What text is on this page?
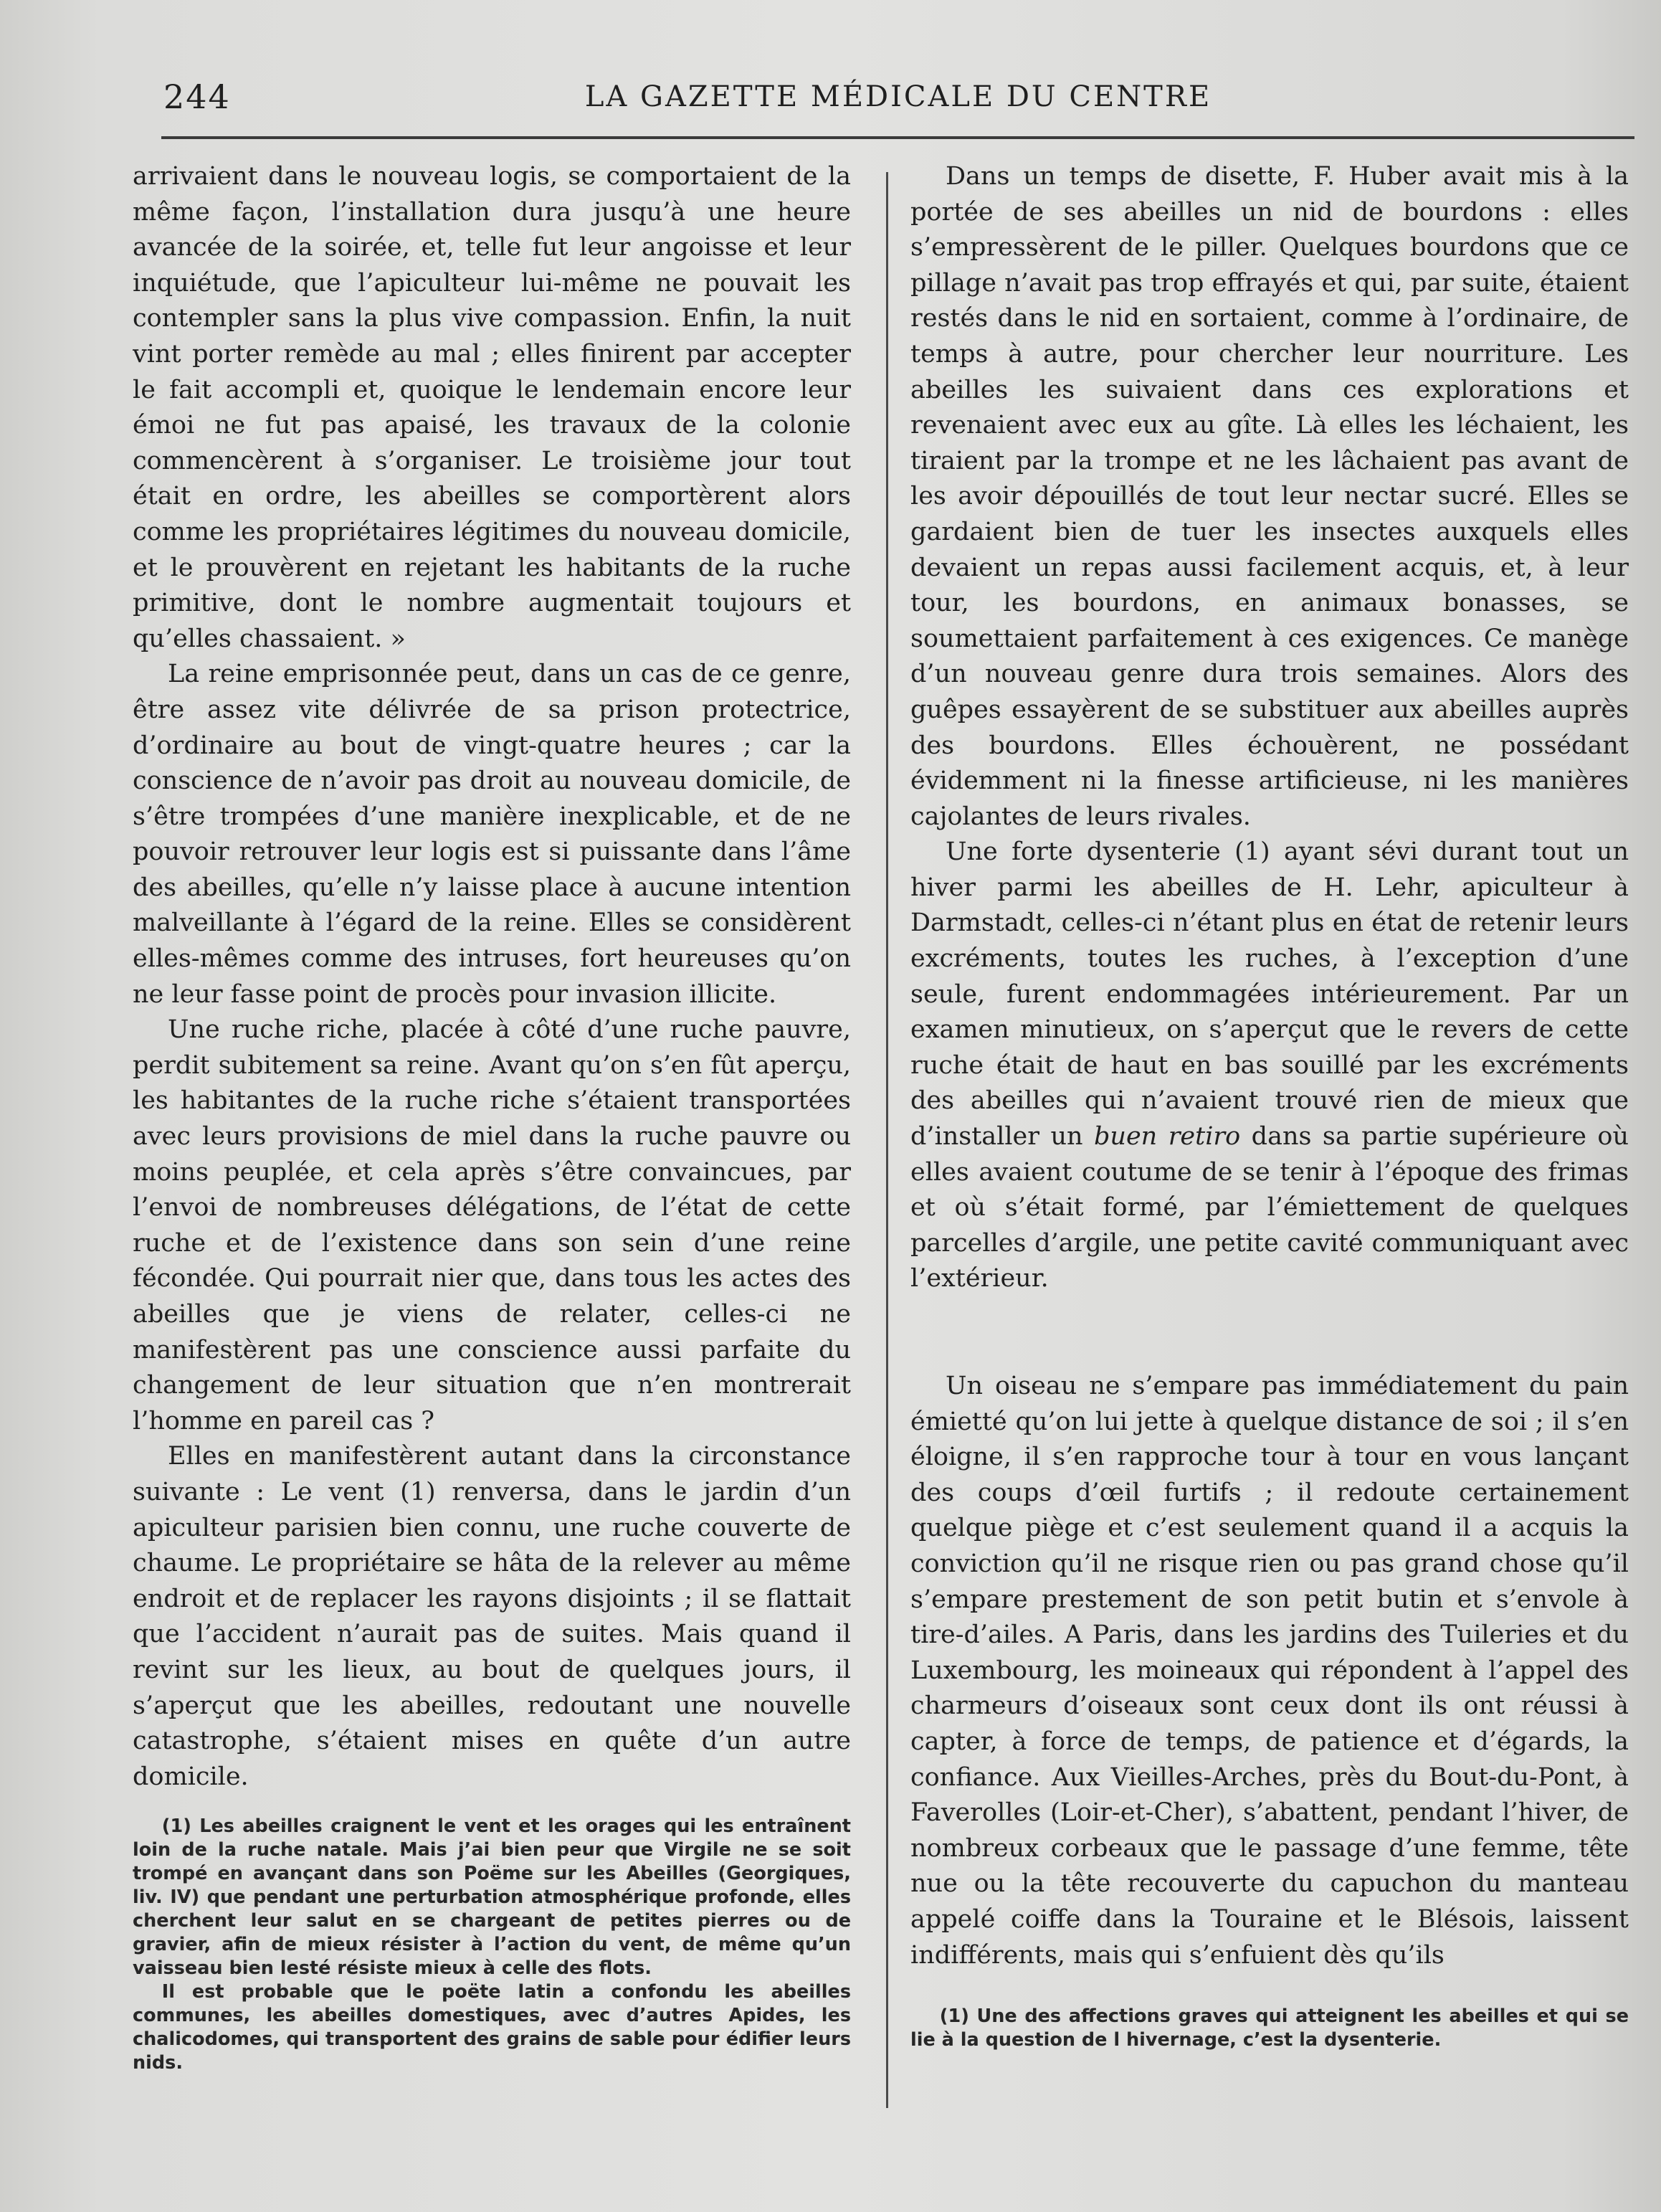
244	LA GAZETTE MÉDICALE DU CENTRE

arrivaient dans le nouveau logis, se comportaient de la même façon, l’installation dura jusqu’à une heure avancée de la soirée, et, telle fut leur angoisse et leur inquiétude, que l’apiculteur lui-même ne pouvait les contempler sans la plus vive compassion. Enfin, la nuit vint porter remède au mal ; elles finirent par accepter le fait accompli et, quoique le lendemain encore leur émoi ne fut pas apaisé, les travaux de la colonie commencèrent à s’organiser. Le troisième jour tout était en ordre, les abeilles se comportèrent alors comme les propriétaires légitimes du nouveau domicile, et le prouvèrent en rejetant les habitants de la ruche primitive, dont le nombre augmentait toujours et qu’elles chassaient. »

La reine emprisonnée peut, dans un cas de ce genre, être assez vite délivrée de sa prison protectrice, d’ordinaire au bout de vingt-quatre heures ; car la conscience de n’avoir pas droit au nouveau domicile, de s’être trompées d’une manière inexplicable, et de ne pouvoir retrouver leur logis est si puissante dans l’âme des abeilles, qu’elle n’y laisse place à aucune intention malveillante à l’égard de la reine. Elles se considèrent elles-mêmes comme des intruses, fort heureuses qu’on ne leur fasse point de procès pour invasion illicite.

Une ruche riche, placée à côté d’une ruche pauvre, perdit subitement sa reine. Avant qu’on s’en fût aperçu, les habitantes de la ruche riche s’étaient transportées avec leurs provisions de miel dans la ruche pauvre ou moins peuplée, et cela après s’être convaincues, par l’envoi de nombreuses délégations, de l’état de cette ruche et de l’existence dans son sein d’une reine fécondée. Qui pourrait nier que, dans tous les actes des abeilles que je viens de relater, celles-ci ne manifestèrent pas une conscience aussi parfaite du changement de leur situation que n’en montrerait l’homme en pareil cas ?

Elles en manifestèrent autant dans la circonstance suivante : Le vent (1) renversa, dans le jardin d’un apiculteur parisien bien connu, une ruche couverte de chaume. Le propriétaire se hâta de la relever au même endroit et de replacer les rayons disjoints ; il se flattait que l’accident n’aurait pas de suites. Mais quand il revint sur les lieux, au bout de quelques jours, il s’aperçut que les abeilles, redoutant une nouvelle catastrophe, s’étaient mises en quête d’un autre domicile.

(1) Les abeilles craignent le vent et les orages qui les entraînent loin de la ruche natale. Mais j’ai bien peur que Virgile ne se soit trompé en avançant dans son Poëme sur les Abeilles (Georgiques, liv. IV) que pendant une perturbation atmosphérique profonde, elles cherchent leur salut en se chargeant de petites pierres ou de gravier, afin de mieux résister à l’action du vent, de même qu’un vaisseau bien lesté résiste mieux à celle des flots.

Il est probable que le poëte latin a confondu les abeilles communes, les abeilles domestiques, avec d’autres Apides, les chalicodomes, qui transportent des grains de sable pour édifier leurs nids.

Dans un temps de disette, F. Huber avait mis à la portée de ses abeilles un nid de bourdons : elles s’empressèrent de le piller. Quelques bourdons que ce pillage n’avait pas trop effrayés et qui, par suite, étaient restés dans le nid en sortaient, comme à l’ordinaire, de temps à autre, pour chercher leur nourriture. Les abeilles les suivaient dans ces explorations et revenaient avec eux au gîte. Là elles les léchaient, les tiraient par la trompe et ne les lâchaient pas avant de les avoir dépouillés de tout leur nectar sucré. Elles se gardaient bien de tuer les insectes auxquels elles devaient un repas aussi facilement acquis, et, à leur tour, les bourdons, en animaux bonasses, se soumettaient parfaitement à ces exigences. Ce manège d’un nouveau genre dura trois semaines. Alors des guêpes essayèrent de se substituer aux abeilles auprès des bourdons. Elles échouèrent, ne possédant évidemment ni la finesse artificieuse, ni les manières cajolantes de leurs rivales.

Une forte dysenterie (1) ayant sévi durant tout un hiver parmi les abeilles de H. Lehr, apiculteur à Darmstadt, celles-ci n’étant plus en état de retenir leurs excréments, toutes les ruches, à l’exception d’une seule, furent endommagées intérieurement. Par un examen minutieux, on s’aperçut que le revers de cette ruche était de haut en bas souillé par les excréments des abeilles qui n’avaient trouvé rien de mieux que d’installer un buen retiro dans sa partie supérieure où elles avaient coutume de se tenir à l’époque des frimas et où s’était formé, par l’émiettement de quelques parcelles d’argile, une petite cavité communiquant avec l’extérieur.

Un oiseau ne s’empare pas immédiatement du pain émietté qu’on lui jette à quelque distance de soi ; il s’en éloigne, il s’en rapproche tour à tour en vous lançant des coups d’œil furtifs ; il redoute certainement quelque piège et c’est seulement quand il a acquis la conviction qu’il ne risque rien ou pas grand chose qu’il s’empare prestement de son petit butin et s’envole à tire-d’ailes. A Paris, dans les jardins des Tuileries et du Luxembourg, les moineaux qui répondent à l’appel des charmeurs d’oiseaux sont ceux dont ils ont réussi à capter, à force de temps, de patience et d’égards, la confiance. Aux Vieilles-Arches, près du Bout-du-Pont, à Faverolles (Loir-et-Cher), s’abattent, pendant l’hiver, de nombreux corbeaux que le passage d’une femme, tête nue ou la tête recouverte du capuchon du manteau appelé coiffe dans la Touraine et le Blésois, laissent indifférents, mais qui s’enfuient dès qu’ils

(1) Une des affections graves qui atteignent les abeilles et qui se lie à la question de l hivernage, c’est la dysenterie.
